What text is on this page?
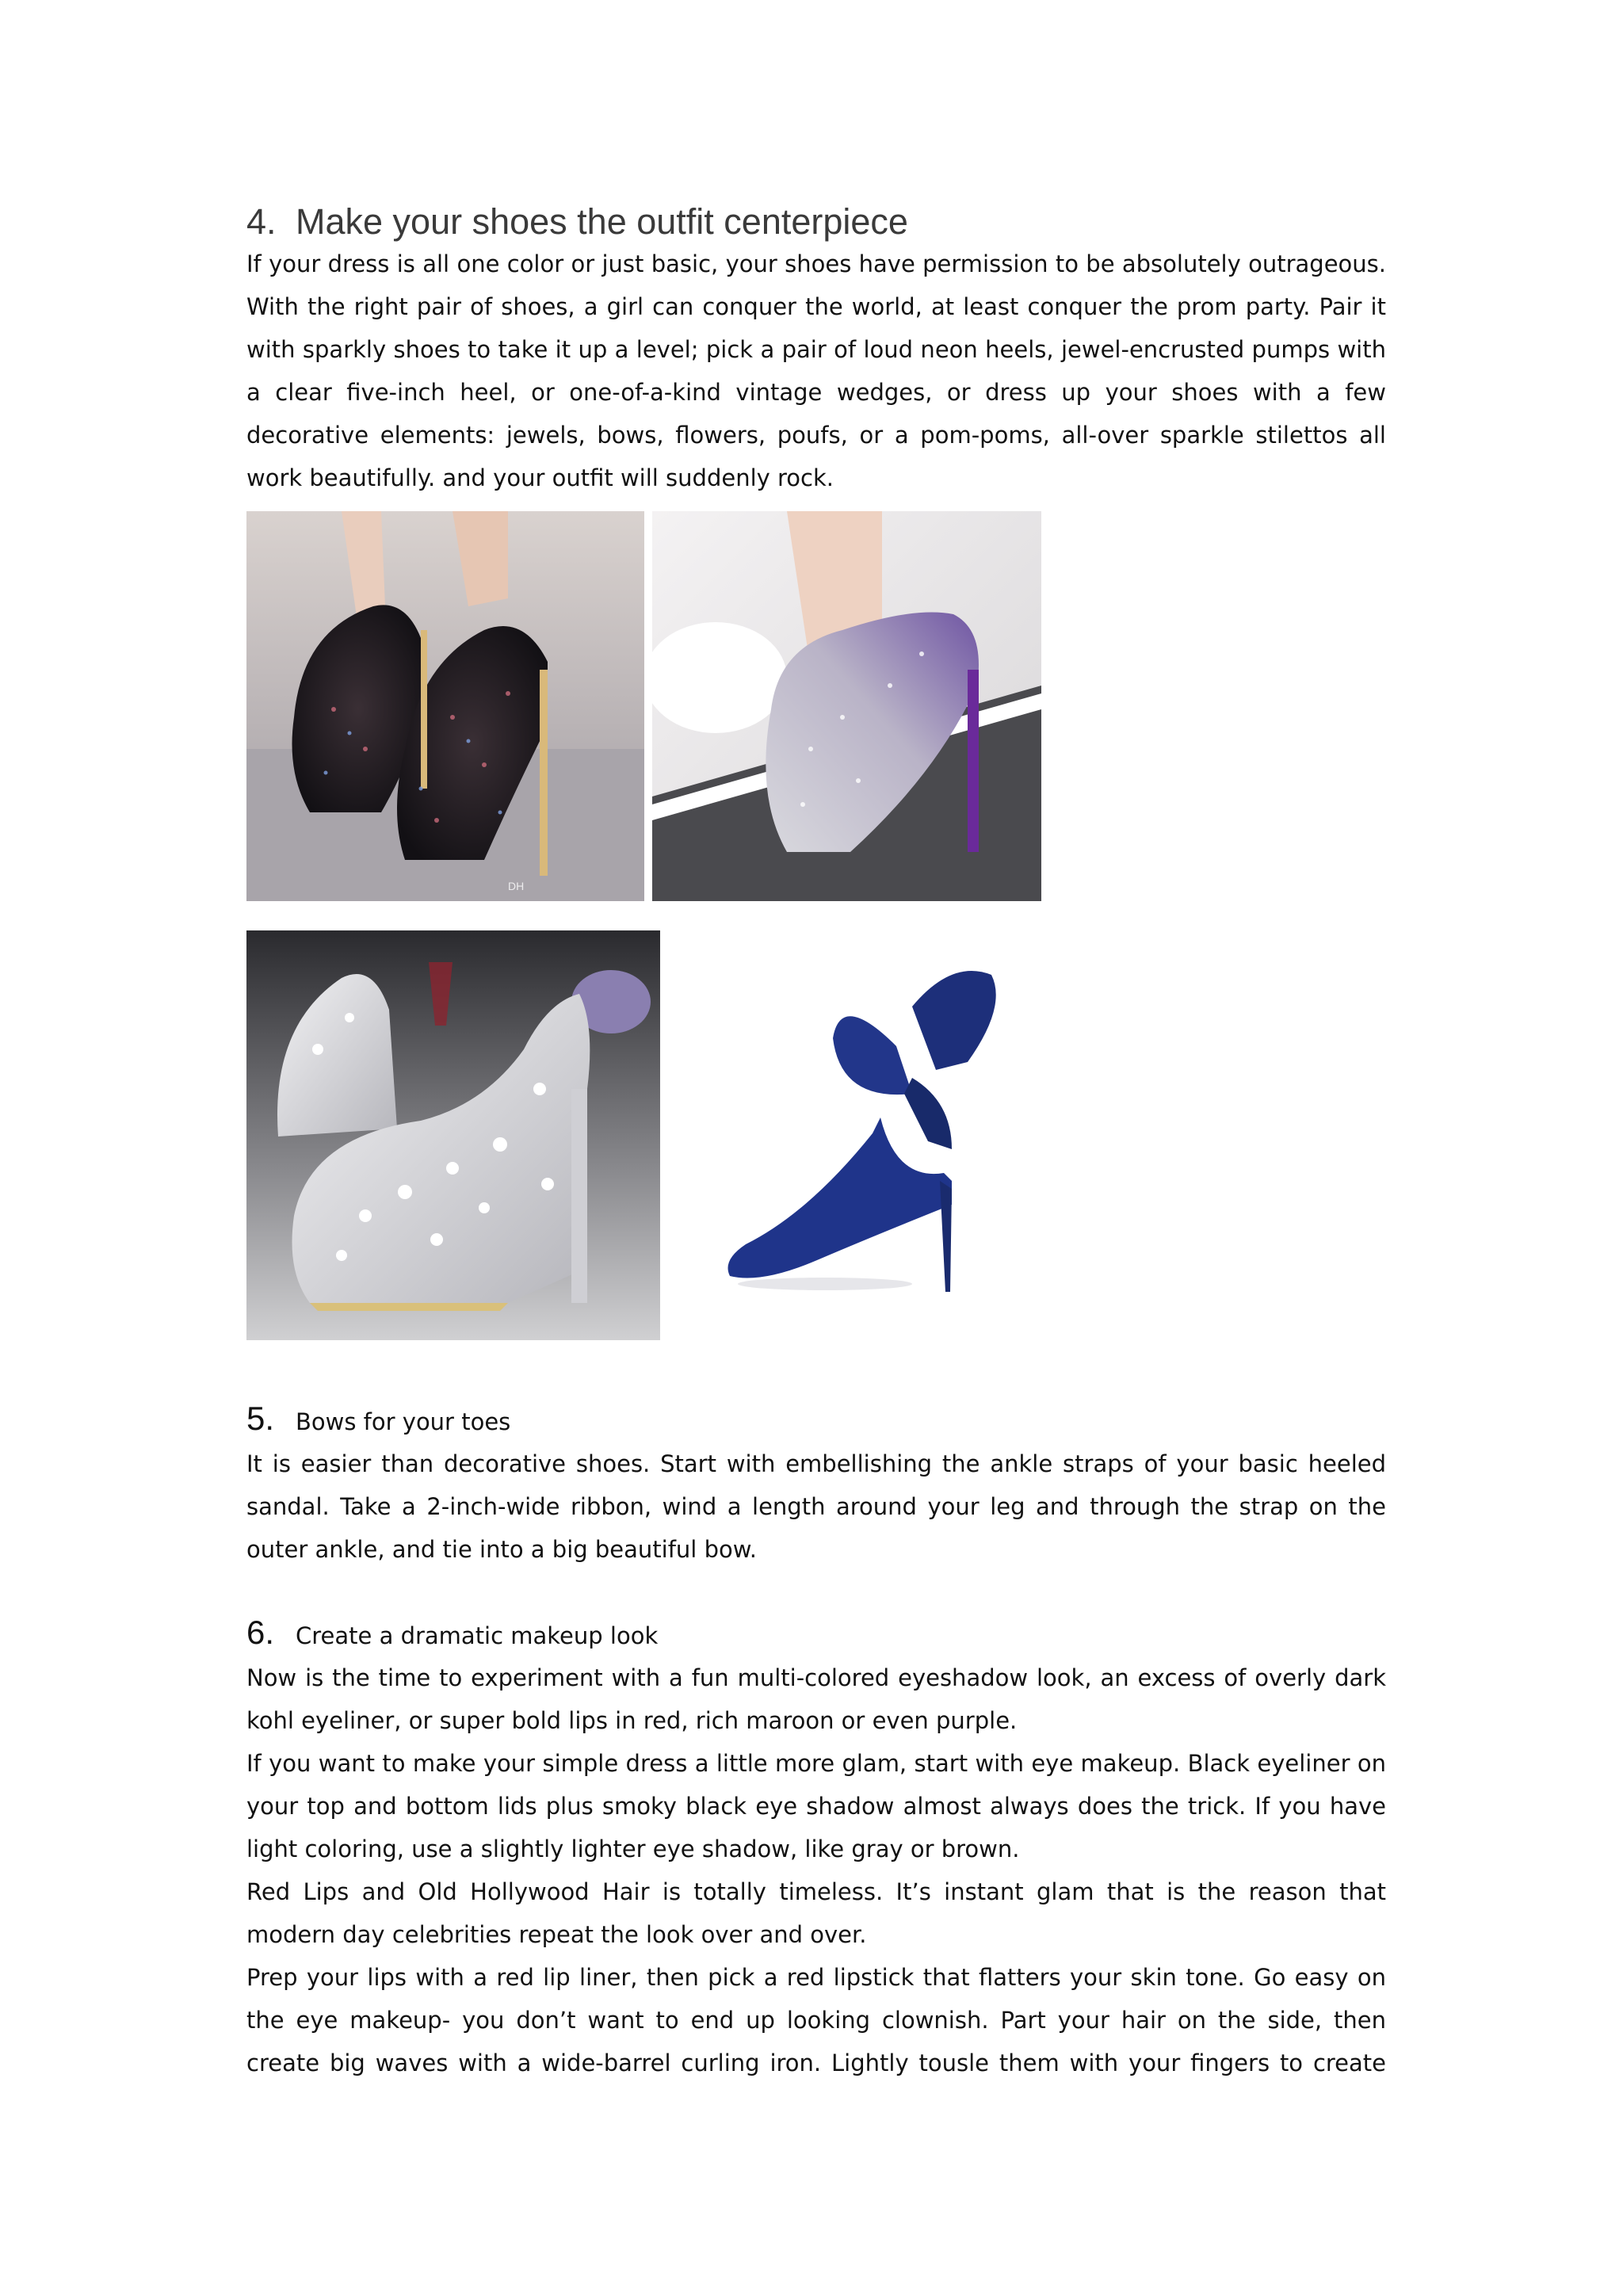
4. Make your shoes the outfit centerpiece

If your dress is all one color or just basic, your shoes have permission to be absolutely outrageous. With the right pair of shoes, a girl can conquer the world, at least conquer the prom party. Pair it with sparkly shoes to take it up a level; pick a pair of loud neon heels, jewel-encrusted pumps with a clear five-inch heel, or one-of-a-kind vintage wedges, or dress up your shoes with a few decorative elements: jewels, bows, flowers, poufs, or a pom-poms, all-over sparkle stilettos all work beautifully. and your outfit will suddenly rock.

DH
5. Bows for your toes

It is easier than decorative shoes. Start with embellishing the ankle straps of your basic heeled sandal. Take a 2-inch-wide ribbon, wind a length around your leg and through the strap on the outer ankle, and tie into a big beautiful bow.

6. Create a dramatic makeup look

Now is the time to experiment with a fun multi-colored eyeshadow look, an excess of overly dark kohl eyeliner, or super bold lips in red, rich maroon or even purple.

If you want to make your simple dress a little more glam, start with eye makeup. Black eyeliner on your top and bottom lids plus smoky black eye shadow almost always does the trick. If you have light coloring, use a slightly lighter eye shadow, like gray or brown.

Red Lips and Old Hollywood Hair is totally timeless. It’s instant glam that is the reason that modern day celebrities repeat the look over and over.

Prep your lips with a red lip liner, then pick a red lipstick that flatters your skin tone. Go easy on the eye makeup- you don’t want to end up looking clownish. Part your hair on the side, then create big waves with a wide-barrel curling iron. Lightly tousle them with your fingers to create
